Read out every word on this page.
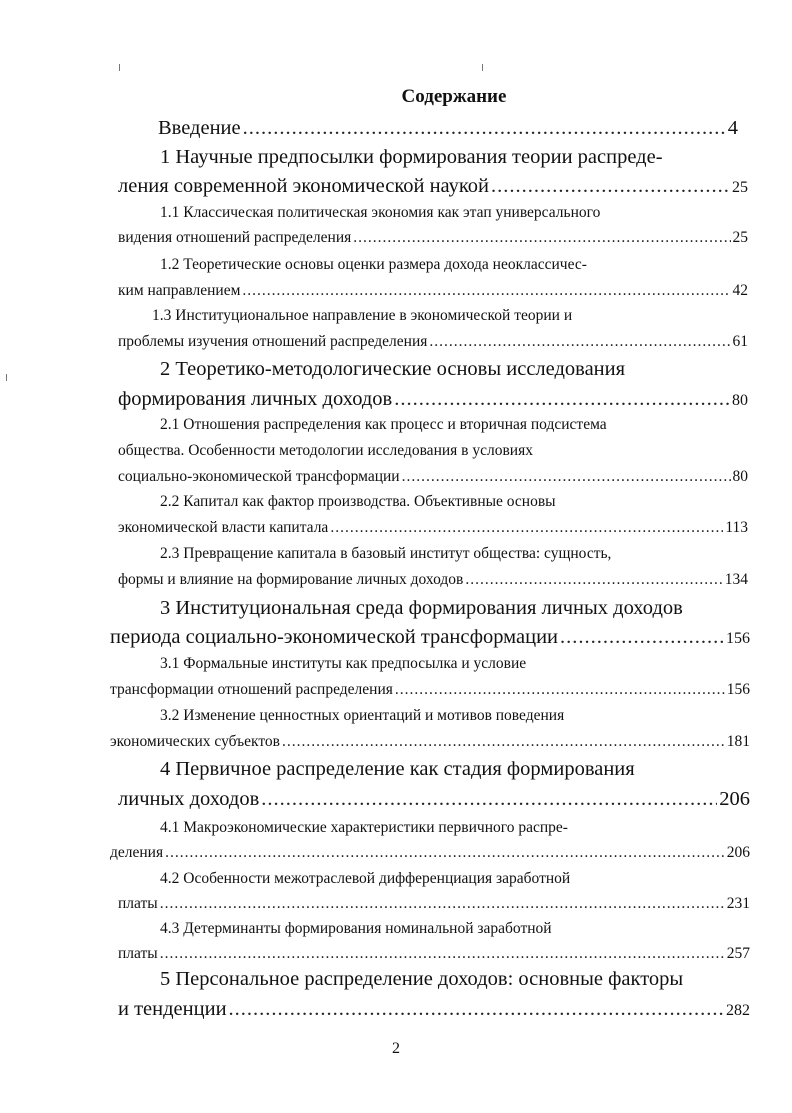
Содержание
Введение .....	4
1 Научные предпосылки формирования теории распреде-
ления современной экономической наукой .....	25
1.1 Классическая политическая экономия как этап универсального
видения отношений распределения .....	25
1.2 Теоретические основы оценки размера дохода неоклассичес-
ким направлением .....	42
1.3 Институциональное направление в экономической теории и
проблемы изучения отношений распределения .....	61
2 Теоретико-методологические основы исследования
формирования личных доходов .....	80
2.1 Отношения распределения как процесс и вторичная подсистема
общества. Особенности методологии исследования в условиях
социально-экономической трансформации .....	80
2.2 Капитал как фактор производства. Объективные основы
экономической власти капитала .....	113
2.3 Превращение капитала в базовый институт общества: сущность,
формы и влияние на формирование личных доходов .....	134
3 Институциональная среда формирования личных доходов
периода социально-экономической трансформации .....	156
3.1 Формальные институты как предпосылка и условие
трансформации отношений распределения .....	156
3.2 Изменение ценностных ориентаций и мотивов поведения
экономических субъектов .....	181
4 Первичное распределение как стадия формирования
личных доходов .....	206
4.1 Макроэкономические характеристики первичного распре-
деления .....	206
4.2 Особенности межотраслевой дифференциация заработной
платы .....	231
4.3 Детерминанты формирования номинальной заработной
платы .....	257
5 Персональное распределение доходов: основные факторы
и тенденции .....	282
2
